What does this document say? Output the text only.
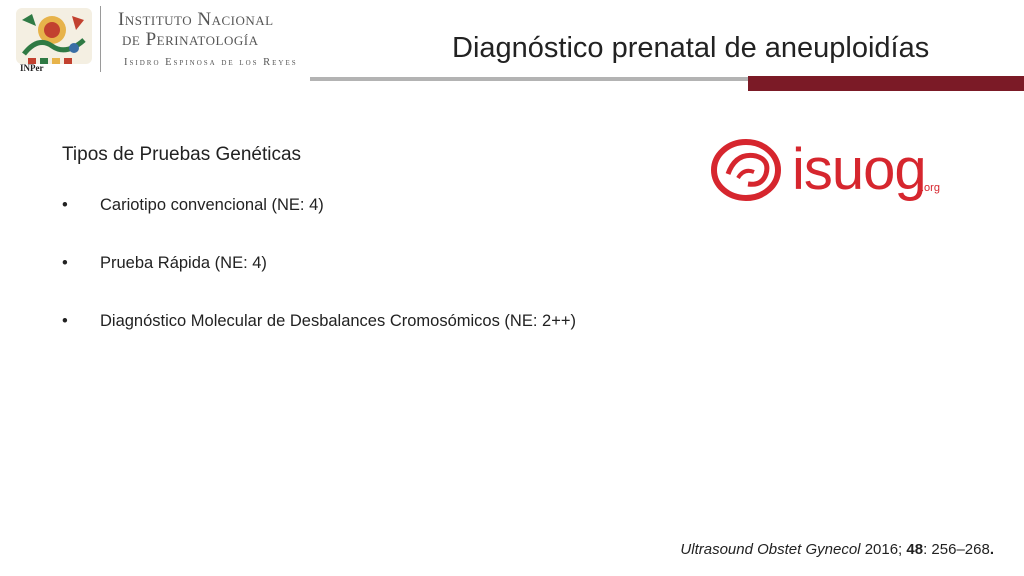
INPer
Instituto Nacional
de Perinatología
Isidro Espinosa de los Reyes	Diagnóstico prenatal de aneuploidías
Tipos de Pruebas Genéticas
• Cariotipo convencional (NE: 4)
• Prueba Rápida (NE: 4)
• Diagnóstico Molecular de Desbalances Cromosómicos (NE: 2++)
isuog
.org
Ultrasound Obstet Gynecol 2016; 48: 256–268.
